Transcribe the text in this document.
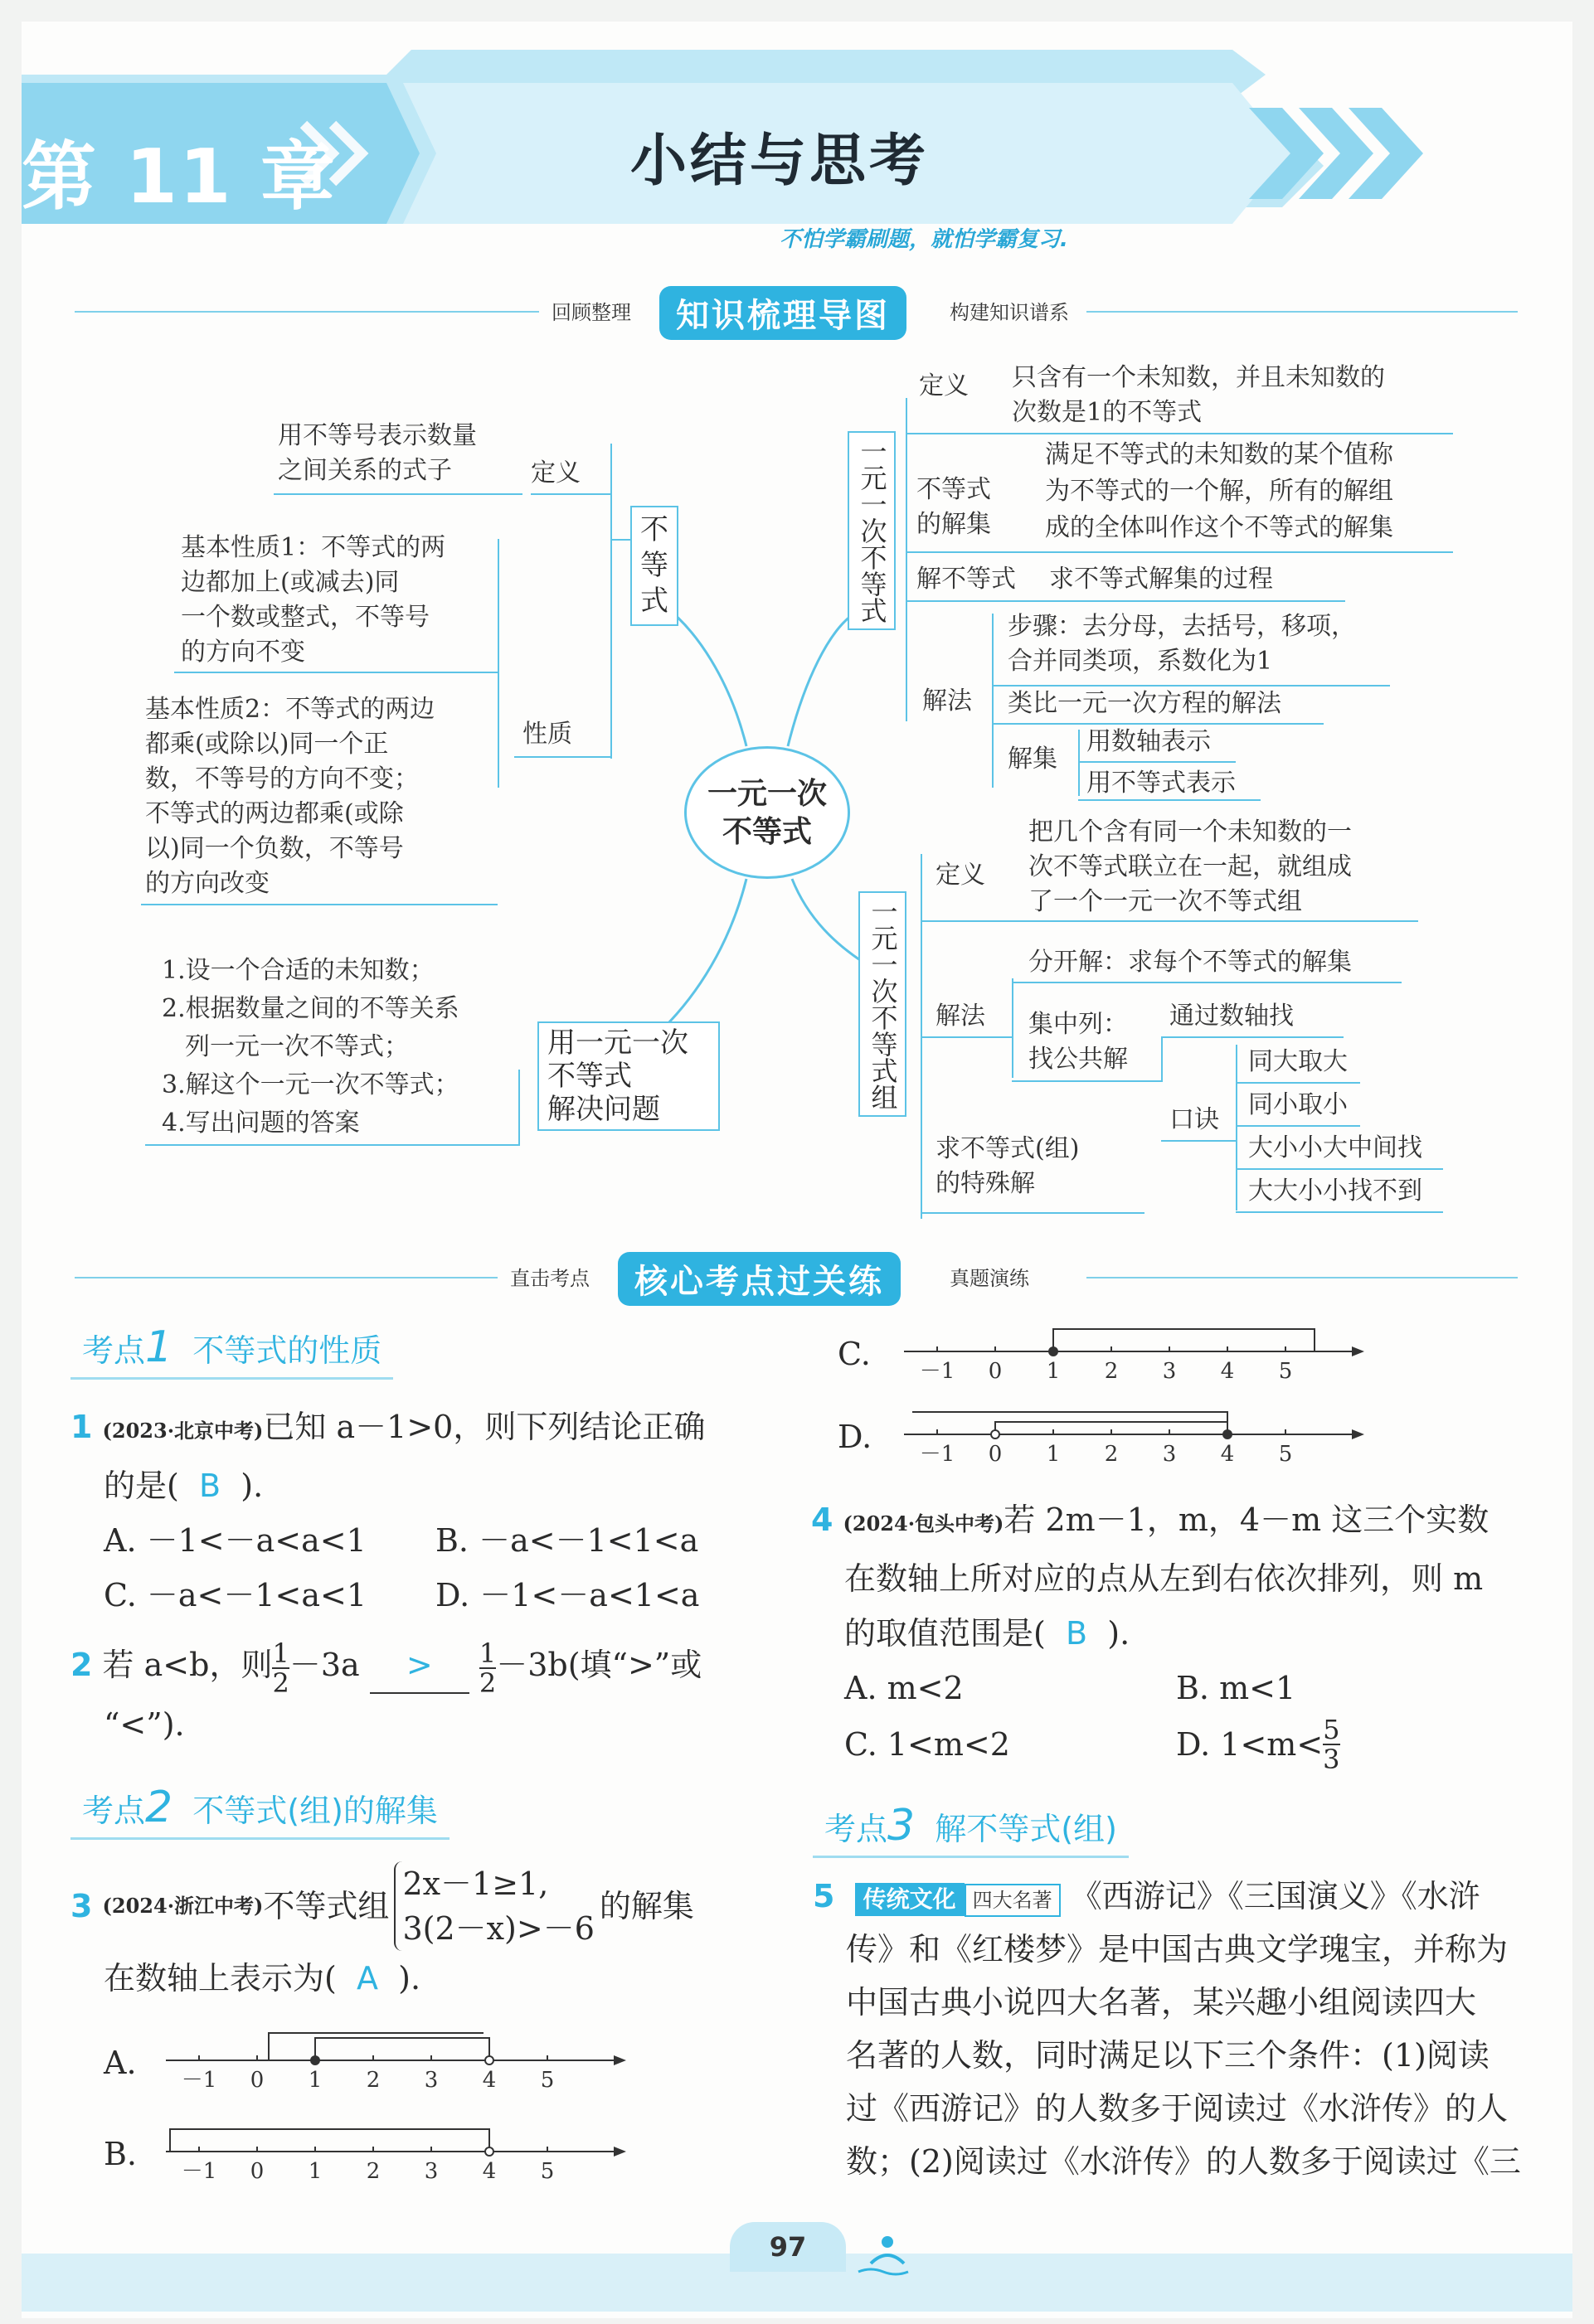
第 11 章	小结与思考
不怕学霸刷题，就怕学霸复习.
回顾整理	知识梳理导图	构建知识谱系
不等式
定义
用不等号表示数量
之间关系的式子
性质
基本性质1：不等式的两
边都加上(或减去)同
一个数或整式，不等号
的方向不变
基本性质2：不等式的两边
都乘(或除以)同一个正
数，不等号的方向不变；
不等式的两边都乘(或除
以)同一个负数，不等号
的方向改变
用一元一次
不等式
解决问题
1.设一个合适的未知数；
2.根据数量之间的不等关系
列一元一次不等式；
3.解这个一元一次不等式；
4.写出问题的答案
一元一次
不等式
一元一次不等式
定义 只含有一个未知数，并且未知数的
次数是1的不等式
不等式
的解集
满足不等式的未知数的某个值称
为不等式的一个解，所有的解组
成的全体叫作这个不等式的解集
解不等式 求不等式解集的过程
解法
步骤：去分母，去括号，移项，
合并同类项，系数化为1
类比一元一次方程的解法
解集
用数轴表示
用不等式表示
一元一次不等式组
定义
把几个含有同一个未知数的一
次不等式联立在一起，就组成
了一个一元一次不等式组
解法
分开解：求每个不等式的解集
集中列：
找公共解
通过数轴找
口诀
同大取大
同小取小
大小小大中间找
大大小小找不到
求不等式(组)
的特殊解
直击考点	核心考点过关练	真题演练
考点1 不等式的性质
1 (2023·北京中考)已知 a－1>0，则下列结论正确
的是( B ).
A. －1<－a<a<1	B. －a<－1<1<a
C. －a<－1<a<1	D. －1<－a<1<a
2 若 a<b，则 $\frac{1}{2} -3a > \frac{1}{2} -3b$(填“>”或
“<”).
考点2 不等式(组)的解集
3
(2024·浙江中考) 不等式组
2x－1≥1,
3(2－x)>－6
的解集
在数轴上表示为( A ).
A. －1 0 1 2 3 4 5
B. －1 0 1 2 3 4 5
C. －1 0 1 2 3 4 5
D. －1 0 1 2 3 4 5
4 (2024·包头中考)若 2m－1，m，4－m 这三个实数
在数轴上所对应的点从左到右依次排列，则 m
的取值范围是( B ).
A. m<2	B. m<1
C. 1<m<2	D. $1<m< \frac{5}{3}$
考点3 解不等式(组)
5 传统文化 四大名著 《西游记》《三国演义》《水浒
传》和《红楼梦》是中国古典文学瑰宝，并称为
中国古典小说四大名著，某兴趣小组阅读四大
名著的人数，同时满足以下三个条件：(1)阅读
过《西游记》的人数多于阅读过《水浒传》的人
数；(2)阅读过《水浒传》的人数多于阅读过《三
97
